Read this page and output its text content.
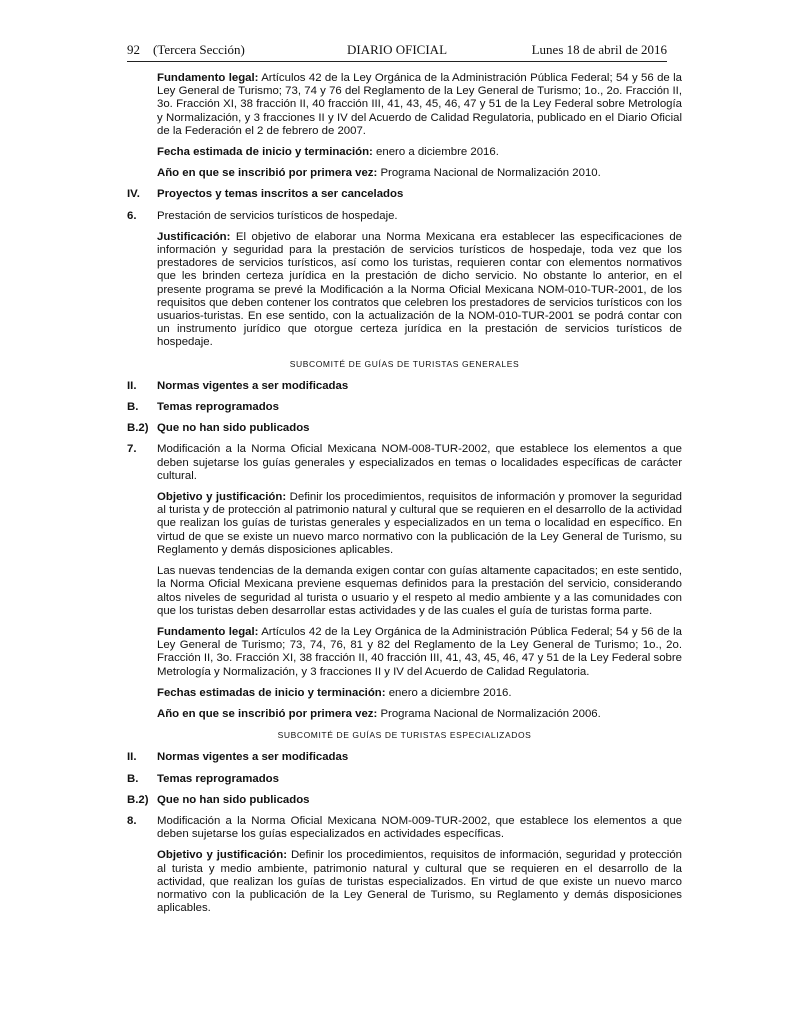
92 (Tercera Sección)	DIARIO OFICIAL	Lunes 18 de abril de 2016
Fundamento legal: Artículos 42 de la Ley Orgánica de la Administración Pública Federal; 54 y 56 de la Ley General de Turismo; 73, 74 y 76 del Reglamento de la Ley General de Turismo; 1o., 2o. Fracción II, 3o. Fracción XI, 38 fracción II, 40 fracción III, 41, 43, 45, 46, 47 y 51 de la Ley Federal sobre Metrología y Normalización, y 3 fracciones II y IV del Acuerdo de Calidad Regulatoria, publicado en el Diario Oficial de la Federación el 2 de febrero de 2007.
Fecha estimada de inicio y terminación: enero a diciembre 2016.
Año en que se inscribió por primera vez: Programa Nacional de Normalización 2010.
IV.	Proyectos y temas inscritos a ser cancelados
6.	Prestación de servicios turísticos de hospedaje.
Justificación: El objetivo de elaborar una Norma Mexicana era establecer las especificaciones de información y seguridad para la prestación de servicios turísticos de hospedaje, toda vez que los prestadores de servicios turísticos, así como los turistas, requieren contar con elementos normativos que les brinden certeza jurídica en la prestación de dicho servicio. No obstante lo anterior, en el presente programa se prevé la Modificación a la Norma Oficial Mexicana NOM-010-TUR-2001, de los requisitos que deben contener los contratos que celebren los prestadores de servicios turísticos con los usuarios-turistas. En ese sentido, con la actualización de la NOM-010-TUR-2001 se podrá contar con un instrumento jurídico que otorgue certeza jurídica en la prestación de servicios turísticos de hospedaje.
SUBCOMITÉ DE GUÍAS DE TURISTAS GENERALES
II.	Normas vigentes a ser modificadas
B.	Temas reprogramados
B.2) Que no han sido publicados
7.	Modificación a la Norma Oficial Mexicana NOM-008-TUR-2002, que establece los elementos a que deben sujetarse los guías generales y especializados en temas o localidades específicas de carácter cultural.
Objetivo y justificación: Definir los procedimientos, requisitos de información y promover la seguridad al turista y de protección al patrimonio natural y cultural que se requieren en el desarrollo de la actividad que realizan los guías de turistas generales y especializados en un tema o localidad en específico. En virtud de que se existe un nuevo marco normativo con la publicación de la Ley General de Turismo, su Reglamento y demás disposiciones aplicables.
Las nuevas tendencias de la demanda exigen contar con guías altamente capacitados; en este sentido, la Norma Oficial Mexicana previene esquemas definidos para la prestación del servicio, considerando altos niveles de seguridad al turista o usuario y el respeto al medio ambiente y a las comunidades con que los turistas deben desarrollar estas actividades y de las cuales el guía de turistas forma parte.
Fundamento legal: Artículos 42 de la Ley Orgánica de la Administración Pública Federal; 54 y 56 de la Ley General de Turismo; 73, 74, 76, 81 y 82 del Reglamento de la Ley General de Turismo; 1o., 2o. Fracción II, 3o. Fracción XI, 38 fracción II, 40 fracción III, 41, 43, 45, 46, 47 y 51 de la Ley Federal sobre Metrología y Normalización, y 3 fracciones II y IV del Acuerdo de Calidad Regulatoria.
Fechas estimadas de inicio y terminación: enero a diciembre 2016.
Año en que se inscribió por primera vez: Programa Nacional de Normalización 2006.
SUBCOMITÉ DE GUÍAS DE TURISTAS ESPECIALIZADOS
II.	Normas vigentes a ser modificadas
B.	Temas reprogramados
B.2) Que no han sido publicados
8.	Modificación a la Norma Oficial Mexicana NOM-009-TUR-2002, que establece los elementos a que deben sujetarse los guías especializados en actividades específicas.
Objetivo y justificación: Definir los procedimientos, requisitos de información, seguridad y protección al turista y medio ambiente, patrimonio natural y cultural que se requieren en el desarrollo de la actividad, que realizan los guías de turistas especializados. En virtud de que existe un nuevo marco normativo con la publicación de la Ley General de Turismo, su Reglamento y demás disposiciones aplicables.
